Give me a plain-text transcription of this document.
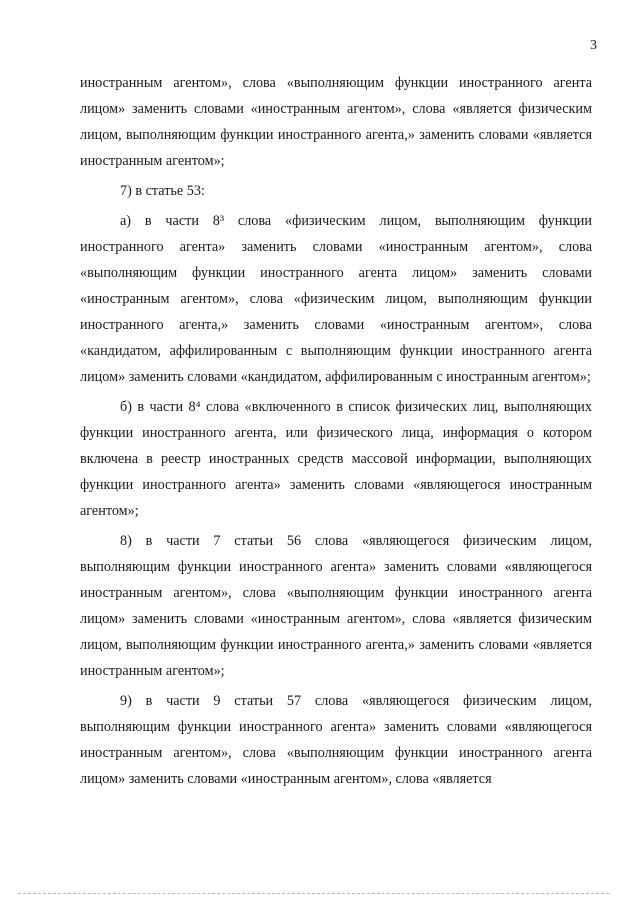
3

иностранным агентом», слова «выполняющим функции иностранного агента лицом» заменить словами «иностранным агентом», слова «является физическим лицом, выполняющим функции иностранного агента,» заменить словами «является иностранным агентом»;

7) в статье 53:

а) в части 8³ слова «физическим лицом, выполняющим функции иностранного агента» заменить словами «иностранным агентом», слова «выполняющим функции иностранного агента лицом» заменить словами «иностранным агентом», слова «физическим лицом, выполняющим функции иностранного агента,» заменить словами «иностранным агентом», слова «кандидатом, аффилированным с выполняющим функции иностранного агента лицом» заменить словами «кандидатом, аффилированным с иностранным агентом»;

б) в части 8⁴ слова «включенного в список физических лиц, выполняющих функции иностранного агента, или физического лица, информация о котором включена в реестр иностранных средств массовой информации, выполняющих функции иностранного агента» заменить словами «являющегося иностранным агентом»;

8) в части 7 статьи 56 слова «являющегося физическим лицом, выполняющим функции иностранного агента» заменить словами «являющегося иностранным агентом», слова «выполняющим функции иностранного агента лицом» заменить словами «иностранным агентом», слова «является физическим лицом, выполняющим функции иностранного агента,» заменить словами «является иностранным агентом»;

9) в части 9 статьи 57 слова «являющегося физическим лицом, выполняющим функции иностранного агента» заменить словами «являющегося иностранным агентом», слова «выполняющим функции иностранного агента лицом» заменить словами «иностранным агентом», слова «является
